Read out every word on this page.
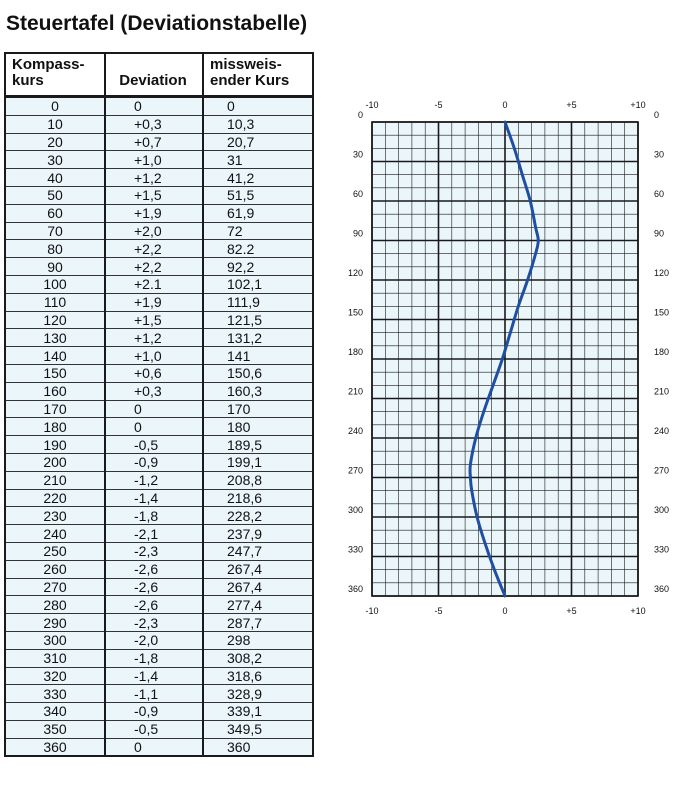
Steuertafel (Deviationstabelle)
Kompass-
kurs	Deviation	missweis-
ender Kurs
0	0	0
10	+0,3	10,3
20	+0,7	20,7
30	+1,0	31
40	+1,2	41,2
50	+1,5	51,5
60	+1,9	61,9
70	+2,0	72
80	+2,2	82.2
90	+2,2	92,2
100	+2.1	102,1
110	+1,9	111,9
120	+1,5	121,5
130	+1,2	131,2
140	+1,0	141
150	+0,6	150,6
160	+0,3	160,3
170	0	170
180	0	180
190	-0,5	189,5
200	-0,9	199,1
210	-1,2	208,8
220	-1,4	218,6
230	-1,8	228,2
240	-2,1	237,9
250	-2,3	247,7
260	-2,6	267,4
270	-2,6	267,4
280	-2,6	277,4
290	-2,3	287,7
300	-2,0	298
310	-1,8	308,2
320	-1,4	318,6
330	-1,1	328,9
340	-0,9	339,1
350	-0,5	349,5
360	0	360
-10
-10
-5
-5
0
0
+5
+5
+10
+10
0	0
30	30
60	60
90	90
120	120
150	150
180	180
210	210
240	240
270	270
300	300
330	330
360	360
